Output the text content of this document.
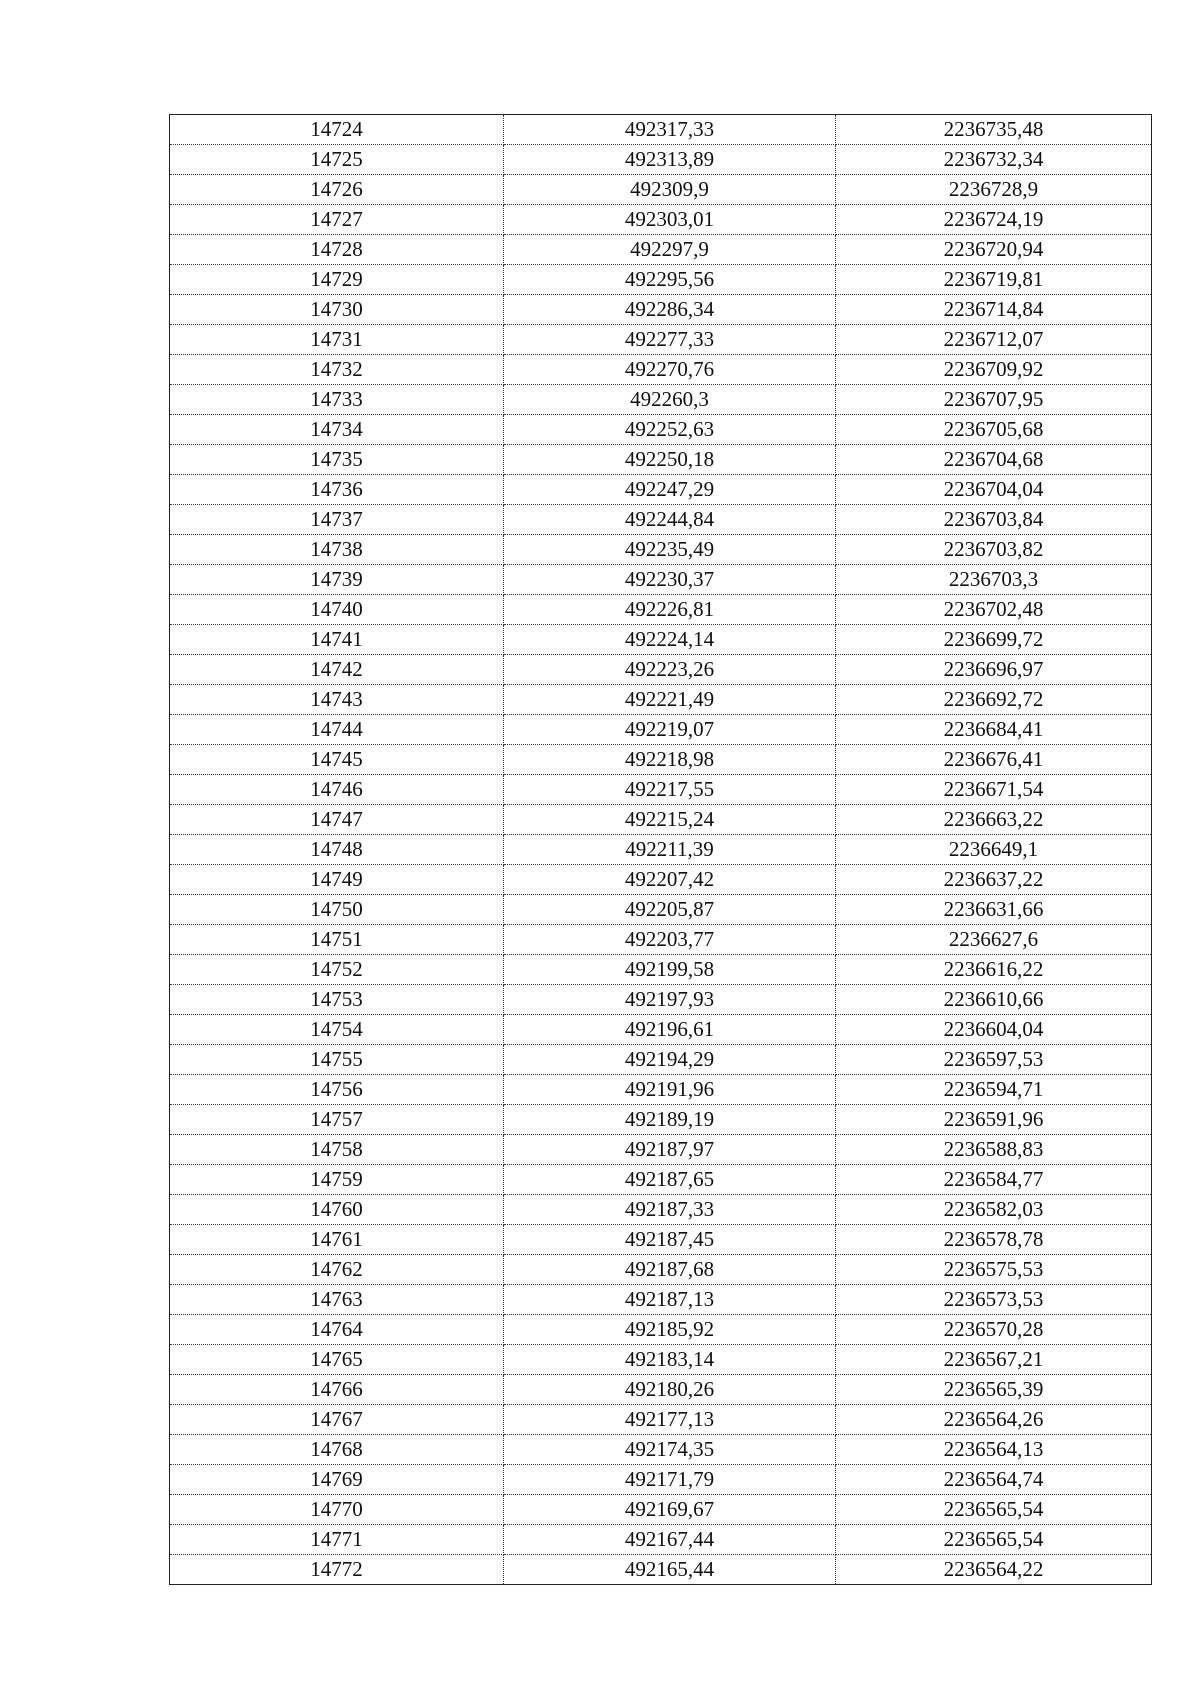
14724	492317,33	2236735,48
14725	492313,89	2236732,34
14726	492309,9	2236728,9
14727	492303,01	2236724,19
14728	492297,9	2236720,94
14729	492295,56	2236719,81
14730	492286,34	2236714,84
14731	492277,33	2236712,07
14732	492270,76	2236709,92
14733	492260,3	2236707,95
14734	492252,63	2236705,68
14735	492250,18	2236704,68
14736	492247,29	2236704,04
14737	492244,84	2236703,84
14738	492235,49	2236703,82
14739	492230,37	2236703,3
14740	492226,81	2236702,48
14741	492224,14	2236699,72
14742	492223,26	2236696,97
14743	492221,49	2236692,72
14744	492219,07	2236684,41
14745	492218,98	2236676,41
14746	492217,55	2236671,54
14747	492215,24	2236663,22
14748	492211,39	2236649,1
14749	492207,42	2236637,22
14750	492205,87	2236631,66
14751	492203,77	2236627,6
14752	492199,58	2236616,22
14753	492197,93	2236610,66
14754	492196,61	2236604,04
14755	492194,29	2236597,53
14756	492191,96	2236594,71
14757	492189,19	2236591,96
14758	492187,97	2236588,83
14759	492187,65	2236584,77
14760	492187,33	2236582,03
14761	492187,45	2236578,78
14762	492187,68	2236575,53
14763	492187,13	2236573,53
14764	492185,92	2236570,28
14765	492183,14	2236567,21
14766	492180,26	2236565,39
14767	492177,13	2236564,26
14768	492174,35	2236564,13
14769	492171,79	2236564,74
14770	492169,67	2236565,54
14771	492167,44	2236565,54
14772	492165,44	2236564,22
